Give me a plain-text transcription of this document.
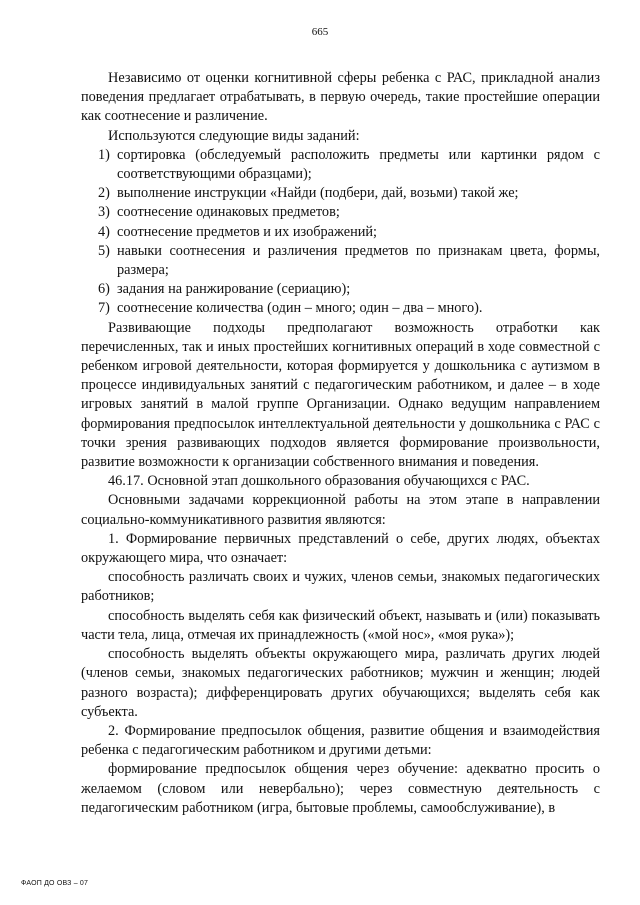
665

Независимо от оценки когнитивной сферы ребенка с РАС, прикладной анализ поведения предлагает отрабатывать, в первую очередь, такие простейшие операции как соотнесение и различение.

Используются следующие виды заданий:

1) сортировка (обследуемый расположить предметы или картинки рядом с соответствующими образцами);
2) выполнение инструкции «Найди (подбери, дай, возьми) такой же;
3) соотнесение одинаковых предметов;
4) соотнесение предметов и их изображений;
5) навыки соотнесения и различения предметов по признакам цвета, формы, размера;
6) задания на ранжирование (сериацию);
7) соотнесение количества (один – много; один – два – много).

Развивающие подходы предполагают возможность отработки как перечисленных, так и иных простейших когнитивных операций в ходе совместной с ребенком игровой деятельности, которая формируется у дошкольника с аутизмом в процессе индивидуальных занятий с педагогическим работником, и далее – в ходе игровых занятий в малой группе Организации. Однако ведущим направлением формирования предпосылок интеллектуальной деятельности у дошкольника с РАС с точки зрения развивающих подходов является формирование произвольности, развитие возможности к организации собственного внимания и поведения.

46.17. Основной этап дошкольного образования обучающихся с РАС.

Основными задачами коррекционной работы на этом этапе в направлении социально-коммуникативного развития являются:

1. Формирование первичных представлений о себе, других людях, объектах окружающего мира, что означает:

способность различать своих и чужих, членов семьи, знакомых педагогических работников;

способность выделять себя как физический объект, называть и (или) показывать части тела, лица, отмечая их принадлежность («мой нос», «моя рука»);

способность выделять объекты окружающего мира, различать других людей (членов семьи, знакомых педагогических работников; мужчин и женщин; людей разного возраста); дифференцировать других обучающихся; выделять себя как субъекта.

2. Формирование предпосылок общения, развитие общения и взаимодействия ребенка с педагогическим работником и другими детьми:

формирование предпосылок общения через обучение: адекватно просить о желаемом (словом или невербально); через совместную деятельность с педагогическим работником (игра, бытовые проблемы, самообслуживание), в

ФАОП ДО ОВЗ – 07
